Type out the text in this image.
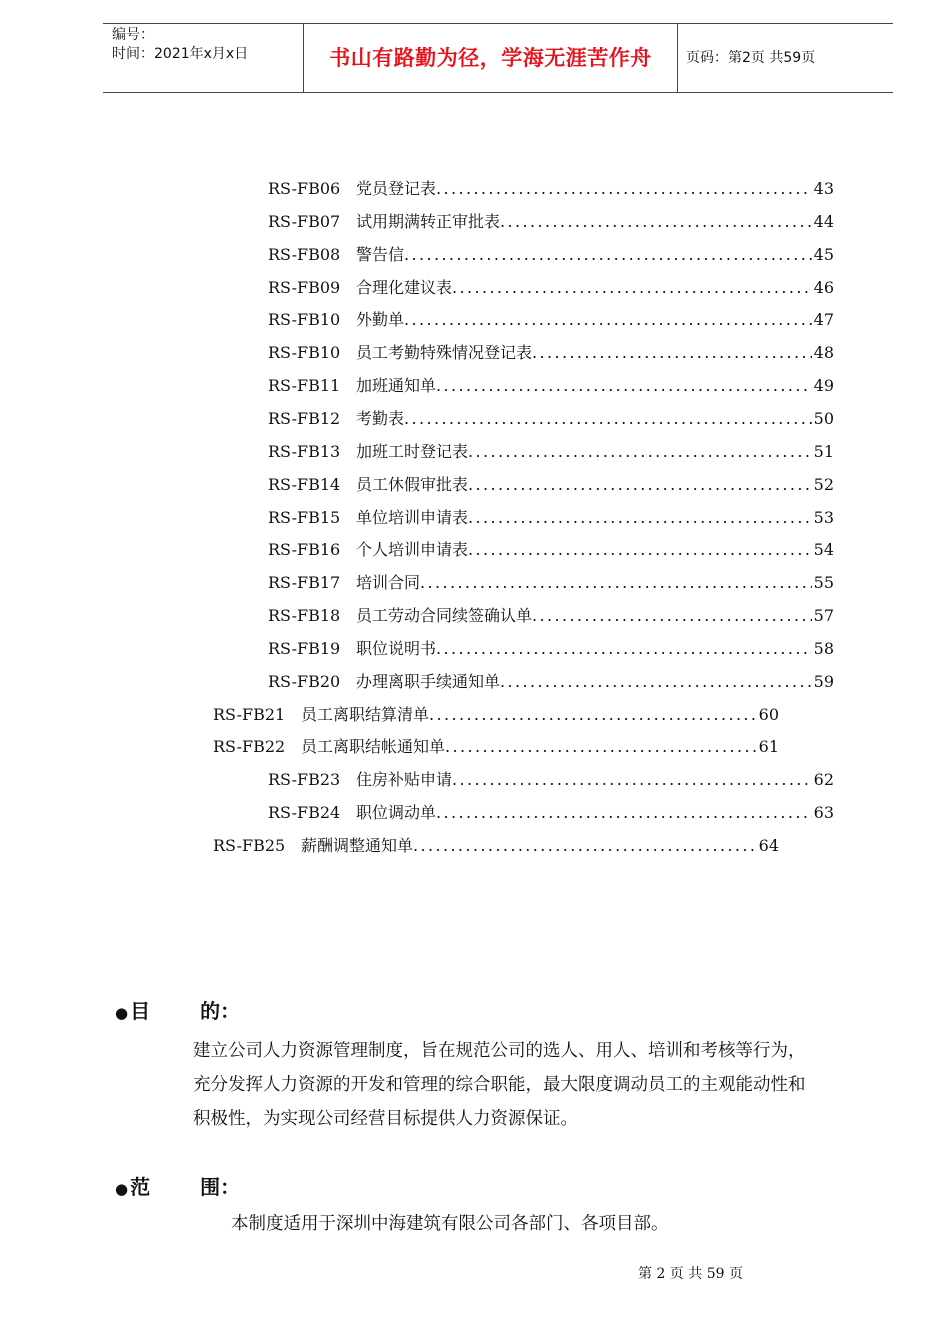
编号：
时间：2021年x月x日	书山有路勤为径，学海无涯苦作舟	页码：第2页 共59页
RS-FB06 党员登记表 .....	43
RS-FB07 试用期满转正审批表 .....	44
RS-FB08 警告信 .....	45
RS-FB09 合理化建议表 .....	46
RS-FB10 外勤单 .....	47
RS-FB10 员工考勤特殊情况登记表 .....	48
RS-FB11 加班通知单 .....	49
RS-FB12 考勤表 .....	50
RS-FB13 加班工时登记表 .....	51
RS-FB14 员工休假审批表 .....	52
RS-FB15 单位培训申请表 .....	53
RS-FB16 个人培训申请表 .....	54
RS-FB17 培训合同 .....	55
RS-FB18 员工劳动合同续签确认单 .....	57
RS-FB19 职位说明书 .....	58
RS-FB20 办理离职手续通知单 .....	59
RS-FB21 员工离职结算清单 .....	60
RS-FB22 员工离职结帐通知单 .....	61
RS-FB23 住房补贴申请 .....	62
RS-FB24 职位调动单 .....	63
RS-FB25 薪酬调整通知单 .....	64
● 目	的：
建立公司人力资源管理制度，旨在规范公司的选人、用人、培训和考核等行为，
充分发挥人力资源的开发和管理的综合职能，最大限度调动员工的主观能动性和
积极性，为实现公司经营目标提供人力资源保证。
● 范	围：
本制度适用于深圳中海建筑有限公司各部门、各项目部。
第 2 页 共 59 页
